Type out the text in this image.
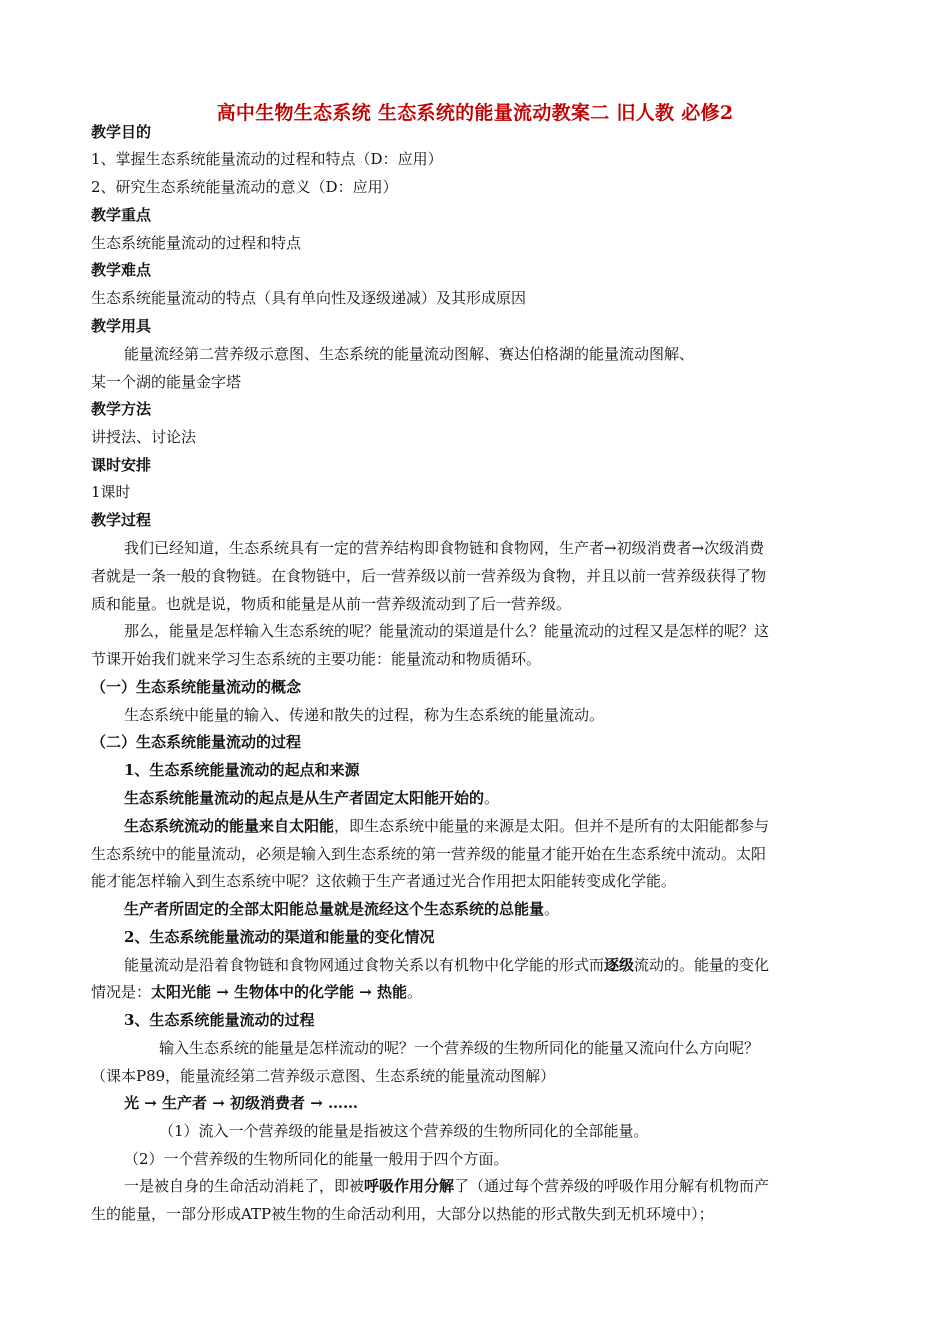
高中生物生态系统 生态系统的能量流动教案二 旧人教 必修2
教学目的
1、掌握生态系统能量流动的过程和特点（D：应用）
2、研究生态系统能量流动的意义（D：应用）
教学重点
生态系统能量流动的过程和特点
教学难点
生态系统能量流动的特点（具有单向性及逐级递减）及其形成原因
教学用具
能量流经第二营养级示意图、生态系统的能量流动图解、赛达伯格湖的能量流动图解、
某一个湖的能量金字塔
教学方法
讲授法、讨论法
课时安排
1课时
教学过程
我们已经知道，生态系统具有一定的营养结构即食物链和食物网，生产者→初级消费者→次级消费
者就是一条一般的食物链。在食物链中，后一营养级以前一营养级为食物，并且以前一营养级获得了物
质和能量。也就是说，物质和能量是从前一营养级流动到了后一营养级。
那么，能量是怎样输入生态系统的呢？能量流动的渠道是什么？能量流动的过程又是怎样的呢？这
节课开始我们就来学习生态系统的主要功能：能量流动和物质循环。
（一）生态系统能量流动的概念
生态系统中能量的输入、传递和散失的过程，称为生态系统的能量流动。
（二）生态系统能量流动的过程
1、生态系统能量流动的起点和来源
生态系统能量流动的起点是从生产者固定太阳能开始的。
生态系统流动的能量来自太阳能，即生态系统中能量的来源是太阳。但并不是所有的太阳能都参与
生态系统中的能量流动，必须是输入到生态系统的第一营养级的能量才能开始在生态系统中流动。太阳
能才能怎样输入到生态系统中呢？这依赖于生产者通过光合作用把太阳能转变成化学能。
生产者所固定的全部太阳能总量就是流经这个生态系统的总能量。
2、生态系统能量流动的渠道和能量的变化情况
能量流动是沿着食物链和食物网通过食物关系以有机物中化学能的形式而逐级流动的。能量的变化
情况是：太阳光能 → 生物体中的化学能 → 热能。
3、生态系统能量流动的过程
输入生态系统的能量是怎样流动的呢？一个营养级的生物所同化的能量又流向什么方向呢？
（课本P89，能量流经第二营养级示意图、生态系统的能量流动图解）
光 → 生产者 → 初级消费者 → ……
（1）流入一个营养级的能量是指被这个营养级的生物所同化的全部能量。
（2）一个营养级的生物所同化的能量一般用于四个方面。
一是被自身的生命活动消耗了，即被呼吸作用分解了（通过每个营养级的呼吸作用分解有机物而产
生的能量，一部分形成ATP被生物的生命活动利用，大部分以热能的形式散失到无机环境中）；
